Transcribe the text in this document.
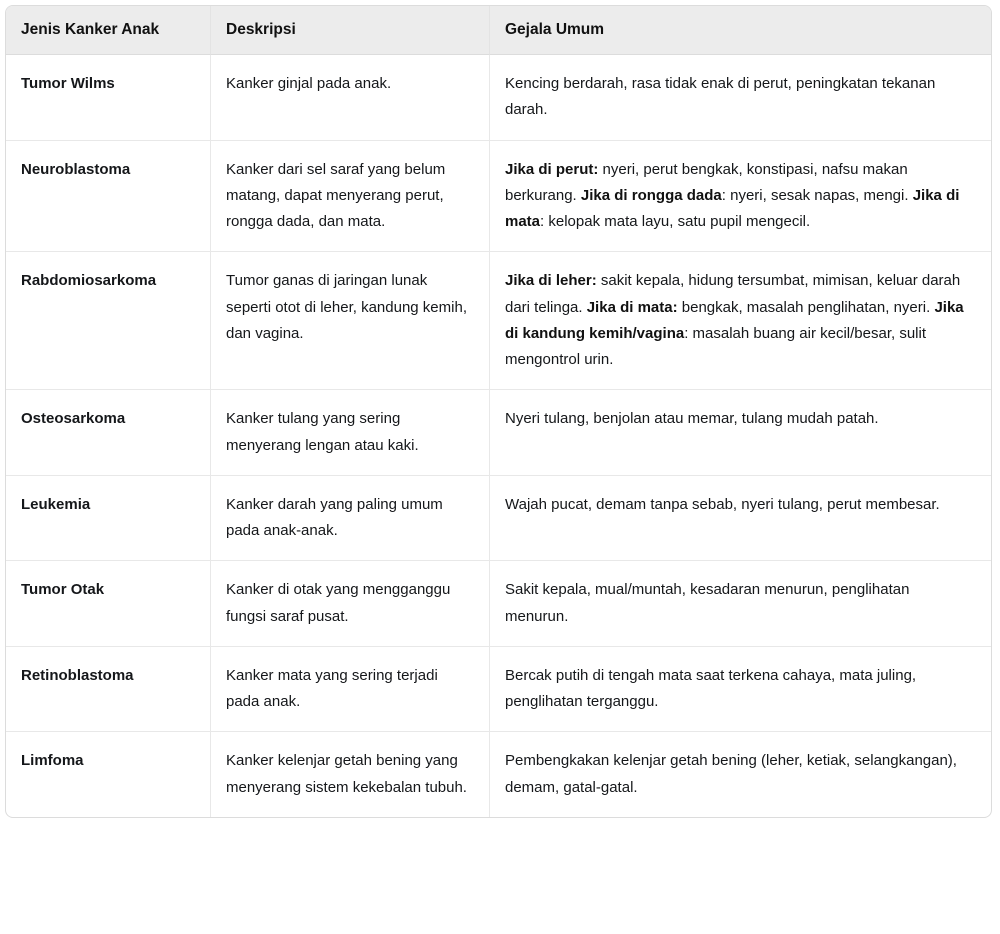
Jenis Kanker Anak	Deskripsi	Gejala Umum
Tumor Wilms	Kanker ginjal pada anak.	Kencing berdarah, rasa tidak enak di perut, peningkatan tekanan darah.
Neuroblastoma	Kanker dari sel saraf yang belum matang, dapat menyerang perut, rongga dada, dan mata.	Jika di perut: nyeri, perut bengkak, konstipasi, nafsu makan berkurang. Jika di rongga dada: nyeri, sesak napas, mengi. Jika di mata: kelopak mata layu, satu pupil mengecil.
Rabdomiosarkoma	Tumor ganas di jaringan lunak seperti otot di leher, kandung kemih, dan vagina.	Jika di leher: sakit kepala, hidung tersumbat, mimisan, keluar darah dari telinga. Jika di mata: bengkak, masalah penglihatan, nyeri. Jika di kandung kemih/vagina: masalah buang air kecil/besar, sulit mengontrol urin.
Osteosarkoma	Kanker tulang yang sering menyerang lengan atau kaki.	Nyeri tulang, benjolan atau memar, tulang mudah patah.
Leukemia	Kanker darah yang paling umum pada anak-anak.	Wajah pucat, demam tanpa sebab, nyeri tulang, perut membesar.
Tumor Otak	Kanker di otak yang mengganggu fungsi saraf pusat.	Sakit kepala, mual/muntah, kesadaran menurun, penglihatan menurun.
Retinoblastoma	Kanker mata yang sering terjadi pada anak.	Bercak putih di tengah mata saat terkena cahaya, mata juling, penglihatan terganggu.
Limfoma	Kanker kelenjar getah bening yang menyerang sistem kekebalan tubuh.	Pembengkakan kelenjar getah bening (leher, ketiak, selangkangan), demam, gatal-gatal.
